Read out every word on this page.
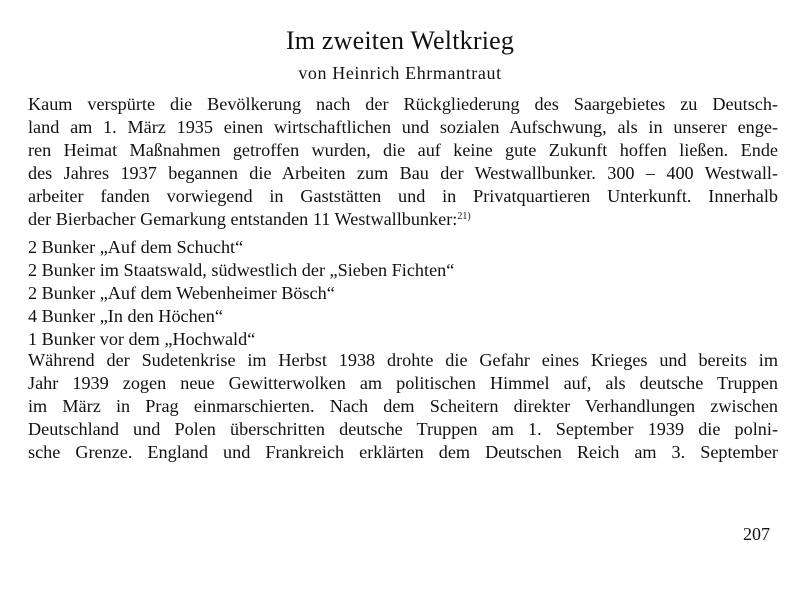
Im zweiten Weltkrieg
von Heinrich Ehrmantraut
Kaum verspürte die Bevölkerung nach der Rückgliederung des Saargebietes zu Deutsch-
land am 1. März 1935 einen wirtschaftlichen und sozialen Aufschwung, als in unserer enge-
ren Heimat Maßnahmen getroffen wurden, die auf keine gute Zukunft hoffen ließen. Ende
des Jahres 1937 begannen die Arbeiten zum Bau der Westwallbunker. 300 – 400 Westwall-
arbeiter fanden vorwiegend in Gaststätten und in Privatquartieren Unterkunft. Innerhalb
der Bierbacher Gemarkung entstanden 11 Westwallbunker:$^{21)}$
2 Bunker „Auf dem Schucht“
2 Bunker im Staatswald, südwestlich der „Sieben Fichten“
2 Bunker „Auf dem Webenheimer Bösch“
4 Bunker „In den Höchen“
1 Bunker vor dem „Hochwald“
Während der Sudetenkrise im Herbst 1938 drohte die Gefahr eines Krieges und bereits im
Jahr 1939 zogen neue Gewitterwolken am politischen Himmel auf, als deutsche Truppen
im März in Prag einmarschierten. Nach dem Scheitern direkter Verhandlungen zwischen
Deutschland und Polen überschritten deutsche Truppen am 1. September 1939 die polni-
sche Grenze. England und Frankreich erklärten dem Deutschen Reich am 3. September
207
